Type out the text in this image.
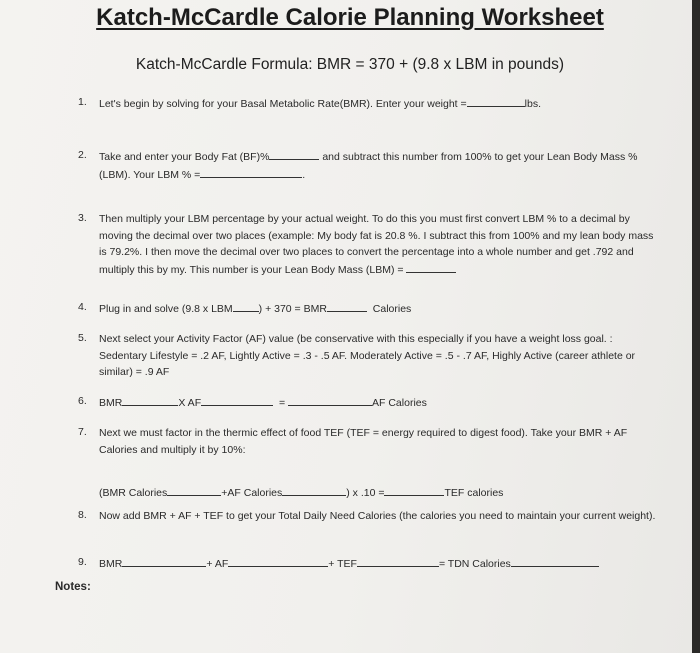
Katch-McCardle Calorie Planning Worksheet
Katch-McCardle Formula: BMR = 370 + (9.8 x LBM in pounds)
1. Let's begin by solving for your Basal Metabolic Rate(BMR). Enter your weight =	lbs.
2. Take and enter your Body Fat (BF)%	and subtract this number from 100% to get your Lean Body Mass % (LBM). Your LBM % =	.
3. Then multiply your LBM percentage by your actual weight. To do this you must first convert LBM % to a decimal by moving the decimal over two places (example: My body fat is 20.8 %. I subtract this from 100% and my lean body mass is 79.2%. I then move the decimal over two places to convert the percentage into a whole number and get .792 and multiply this by my. This number is your Lean Body Mass (LBM) =
4. Plug in and solve (9.8 x LBM ) + 370 = BMR	Calories
5. Next select your Activity Factor (AF) value (be conservative with this especially if you have a weight loss goal. : Sedentary Lifestyle = .2 AF, Lightly Active = .3 - .5 AF. Moderately Active = .5 - .7 AF, Highly Active (career athlete or similar) = .9 AF
6. BMR	X AF	=	AF Calories
7. Next we must factor in the thermic effect of food TEF (TEF = energy required to digest food). Take your BMR + AF Calories and multiply it by 10%:
(BMR Calories	+AF Calories	) x .10 =	TEF calories
8. Now add BMR + AF + TEF to get your Total Daily Need Calories (the calories you need to maintain your current weight).
9. BMR	+ AF	+ TEF	= TDN Calories
Notes:
